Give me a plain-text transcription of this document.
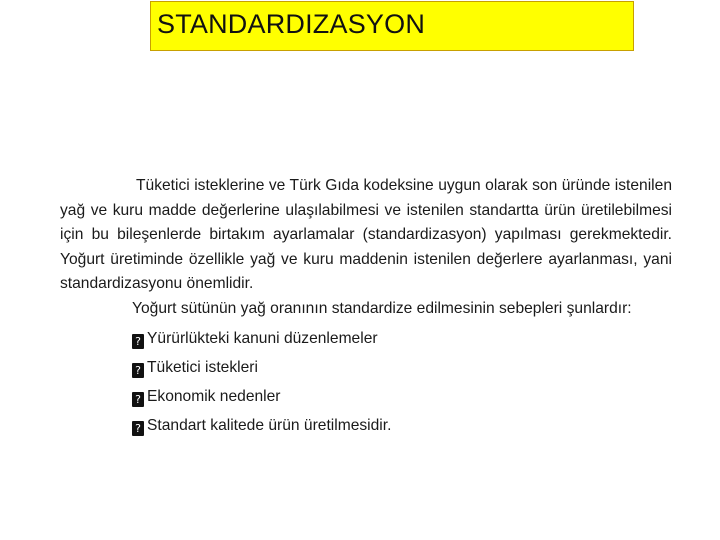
STANDARDIZASYON

Tüketici isteklerine ve Türk Gıda kodeksine uygun olarak son üründe istenilen yağ ve kuru madde değerlerine ulaşılabilmesi ve istenilen standartta ürün üretilebilmesi için bu bileşenlerde birtakım ayarlamalar (standardizasyon) yapılması gerekmektedir. Yoğurt üretiminde özellikle yağ ve kuru maddenin istenilen değerlere ayarlanması, yani standardizasyonu önemlidir.

Yoğurt sütünün yağ oranının standardize edilmesinin sebepleri şunlardır:

? Yürürlükteki kanuni düzenlemeler
? Tüketici istekleri
? Ekonomik nedenler
? Standart kalitede ürün üretilmesidir.
